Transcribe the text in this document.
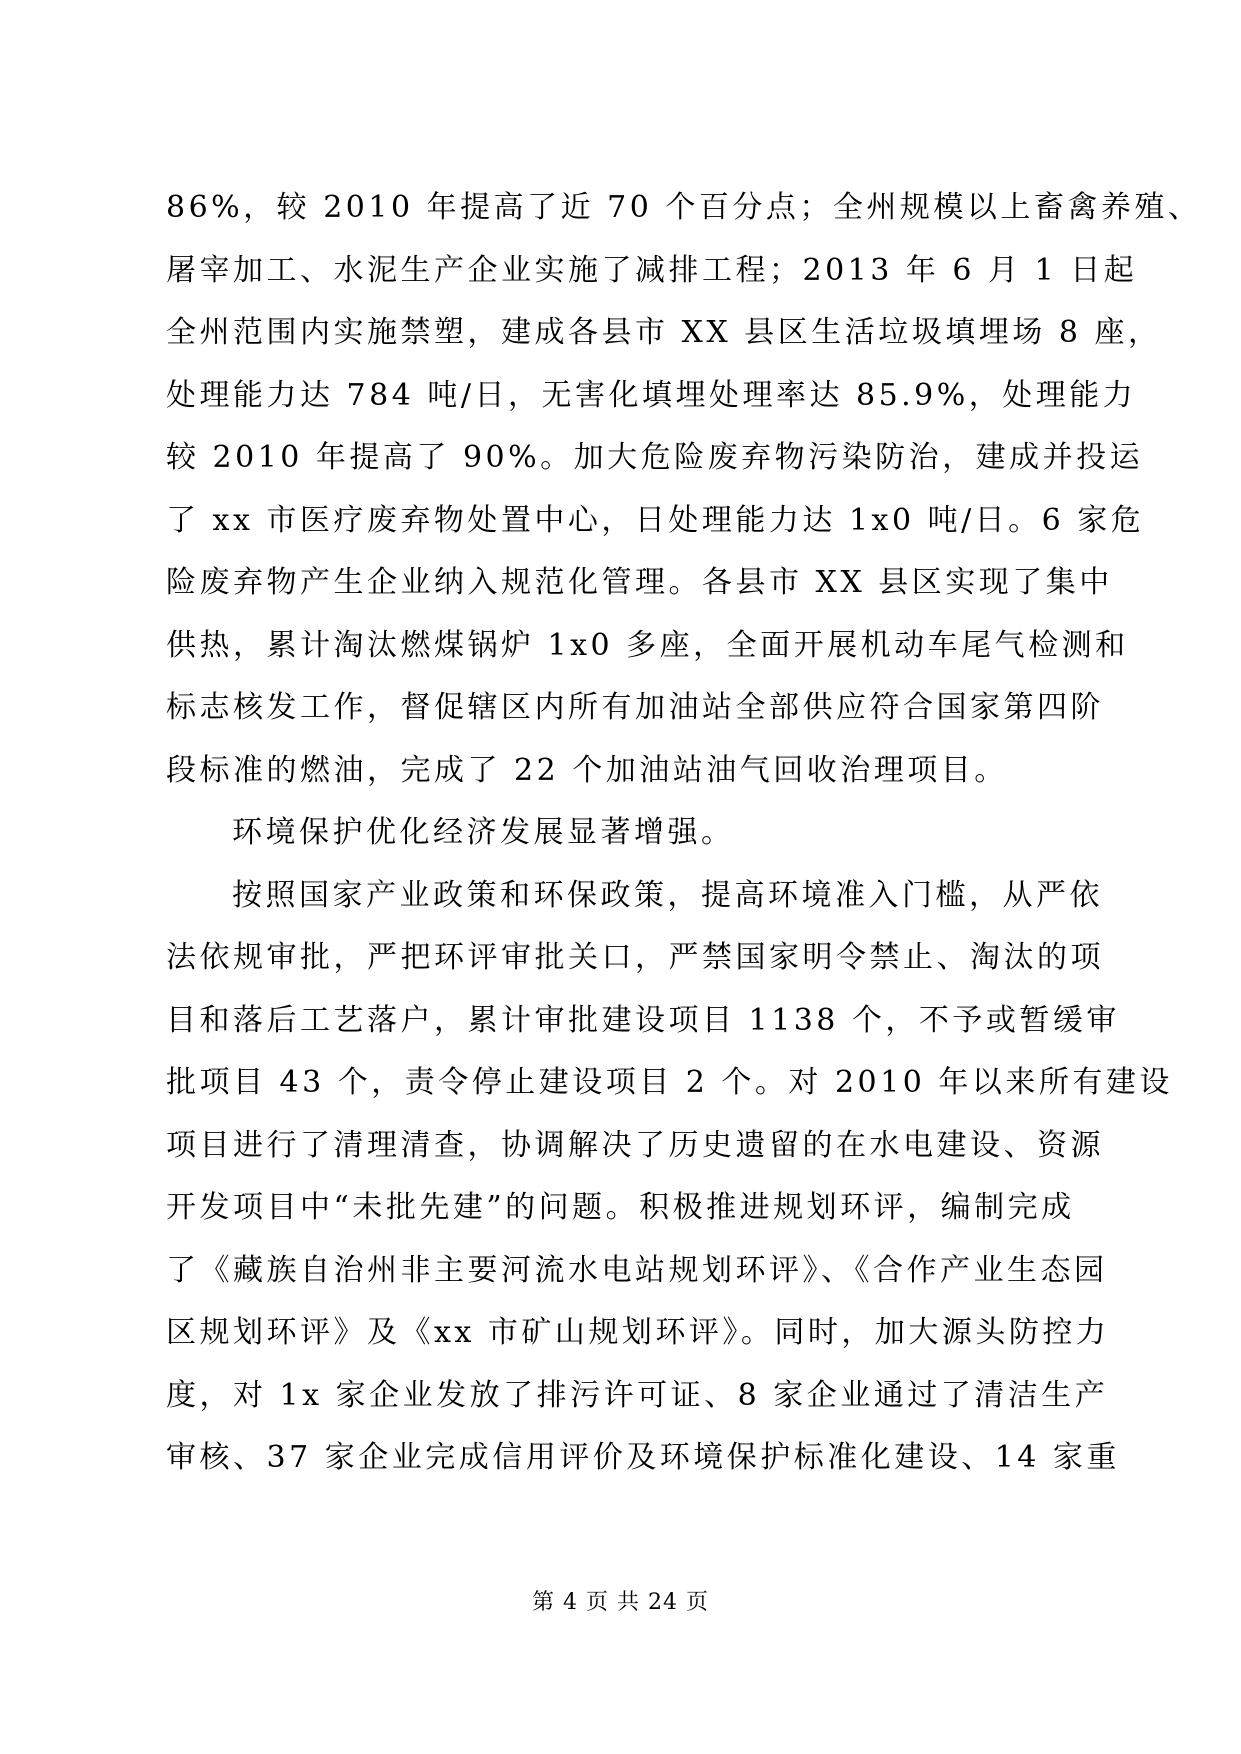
86%，较 2010 年提高了近 70 个百分点；全州规模以上畜禽养殖、
屠宰加工、水泥生产企业实施了减排工程；2013 年 6 月 1 日起
全州范围内实施禁塑，建成各县市 XX 县区生活垃圾填埋场 8 座，
处理能力达 784 吨/日，无害化填埋处理率达 85.9%，处理能力
较 2010 年提高了 90%。加大危险废弃物污染防治，建成并投运
了 xx 市医疗废弃物处置中心，日处理能力达 1x0 吨/日。6 家危
险废弃物产生企业纳入规范化管理。各县市 XX 县区实现了集中
供热，累计淘汰燃煤锅炉 1x0 多座，全面开展机动车尾气检测和
标志核发工作，督促辖区内所有加油站全部供应符合国家第四阶
段标准的燃油，完成了 22 个加油站油气回收治理项目。
环境保护优化经济发展显著增强。
按照国家产业政策和环保政策，提高环境准入门槛，从严依
法依规审批，严把环评审批关口，严禁国家明令禁止、淘汰的项
目和落后工艺落户，累计审批建设项目 1138 个，不予或暂缓审
批项目 43 个，责令停止建设项目 2 个。对 2010 年以来所有建设
项目进行了清理清查，协调解决了历史遗留的在水电建设、资源
开发项目中“未批先建”的问题。积极推进规划环评，编制完成
了《藏族自治州非主要河流水电站规划环评》、《合作产业生态园
区规划环评》及《xx 市矿山规划环评》。同时，加大源头防控力
度，对 1x 家企业发放了排污许可证、8 家企业通过了清洁生产
审核、37 家企业完成信用评价及环境保护标准化建设、14 家重
第 4 页 共 24 页
